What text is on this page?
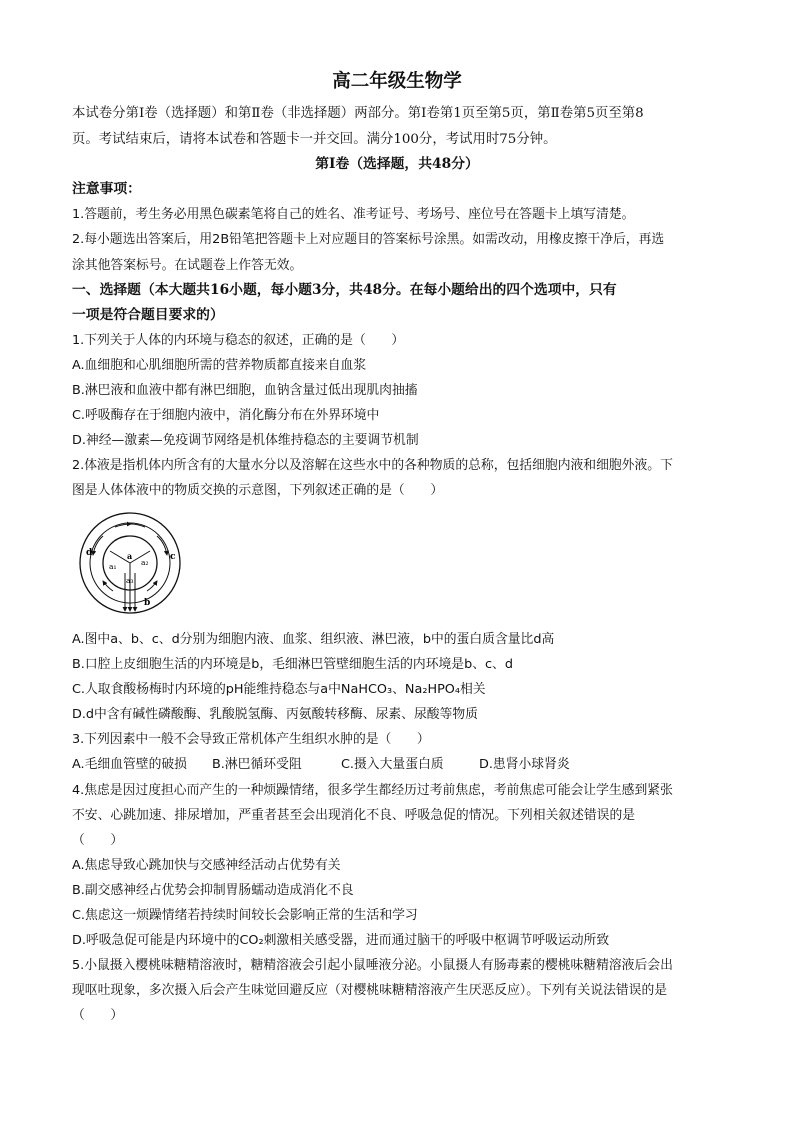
高二年级生物学
本试卷分第Ⅰ卷（选择题）和第Ⅱ卷（非选择题）两部分。第Ⅰ卷第1页至第5页，第Ⅱ卷第5页至第8
页。考试结束后，请将本试卷和答题卡一并交回。满分100分，考试用时75分钟。
第Ⅰ卷（选择题，共48分）
注意事项：
1.答题前，考生务必用黑色碳素笔将自己的姓名、准考证号、考场号、座位号在答题卡上填写清楚。
2.每小题选出答案后，用2B铅笔把答题卡上对应题目的答案标号涂黑。如需改动，用橡皮擦干净后，再选
涂其他答案标号。在试题卷上作答无效。
一、选择题（本大题共16小题，每小题3分，共48分。在每小题给出的四个选项中，只有
一项是符合题目要求的）
1.下列关于人体的内环境与稳态的叙述，正确的是（　　）
A.血细胞和心肌细胞所需的营养物质都直接来自血浆
B.淋巴液和血液中都有淋巴细胞，血钠含量过低出现肌肉抽搐
C.呼吸酶存在于细胞内液中，消化酶分布在外界环境中
D.神经—激素—免疫调节网络是机体维持稳态的主要调节机制
2.体液是指机体内所含有的大量水分以及溶解在这些水中的各种物质的总称，包括细胞内液和细胞外液。下
图是人体体液中的物质交换的示意图，下列叙述正确的是（　　）
d	c
b
a
a₁	a₂
a₃
A.图中a、b、c、d分别为细胞内液、血浆、组织液、淋巴液，b中的蛋白质含量比d高
B.口腔上皮细胞生活的内环境是b，毛细淋巴管壁细胞生活的内环境是b、c、d
C.人取食酸杨梅时内环境的pH能维持稳态与a中NaHCO₃、Na₂HPO₄相关
D.d中含有碱性磷酸酶、乳酸脱氢酶、丙氨酸转移酶、尿素、尿酸等物质
3.下列因素中一般不会导致正常机体产生组织水肿的是（　　）
A.毛细血管壁的破损	B.淋巴循环受阻	C.摄入大量蛋白质	D.患肾小球肾炎
4.焦虑是因过度担心而产生的一种烦躁情绪，很多学生都经历过考前焦虑，考前焦虑可能会让学生感到紧张
不安、心跳加速、排尿增加，严重者甚至会出现消化不良、呼吸急促的情况。下列相关叙述错误的是
（　　）
A.焦虑导致心跳加快与交感神经活动占优势有关
B.副交感神经占优势会抑制胃肠蠕动造成消化不良
C.焦虑这一烦躁情绪若持续时间较长会影响正常的生活和学习
D.呼吸急促可能是内环境中的CO₂刺激相关感受器，进而通过脑干的呼吸中枢调节呼吸运动所致
5.小鼠摄入樱桃味糖精溶液时，糖精溶液会引起小鼠唾液分泌。小鼠摄人有肠毒素的樱桃味糖精溶液后会出
现呕吐现象，多次摄入后会产生味觉回避反应（对樱桃味糖精溶液产生厌恶反应）。下列有关说法错误的是
（　　）
